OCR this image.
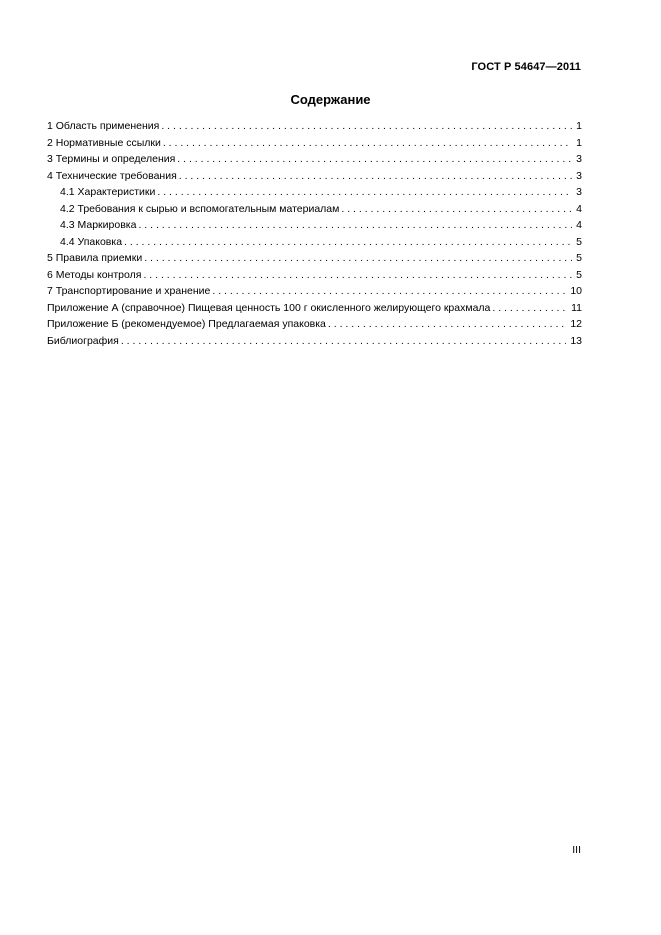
ГОСТ Р 54647—2011
Содержание
1 Область применения . . .	1
2 Нормативные ссылки . . .	1
3 Термины и определения . . .	3
4 Технические требования . . .	3
4.1 Характеристики . . .	3
4.2 Требования к сырью и вспомогательным материалам . . .	4
4.3 Маркировка . . .	4
4.4 Упаковка . . .	5
5 Правила приемки . . .	5
6 Методы контроля . . .	5
7 Транспортирование и хранение . . .	10
Приложение А (справочное) Пищевая ценность 100 г окисленного желирующего крахмала . . .	11
Приложение Б (рекомендуемое) Предлагаемая упаковка . . .	12
Библиография . . .	13
III
